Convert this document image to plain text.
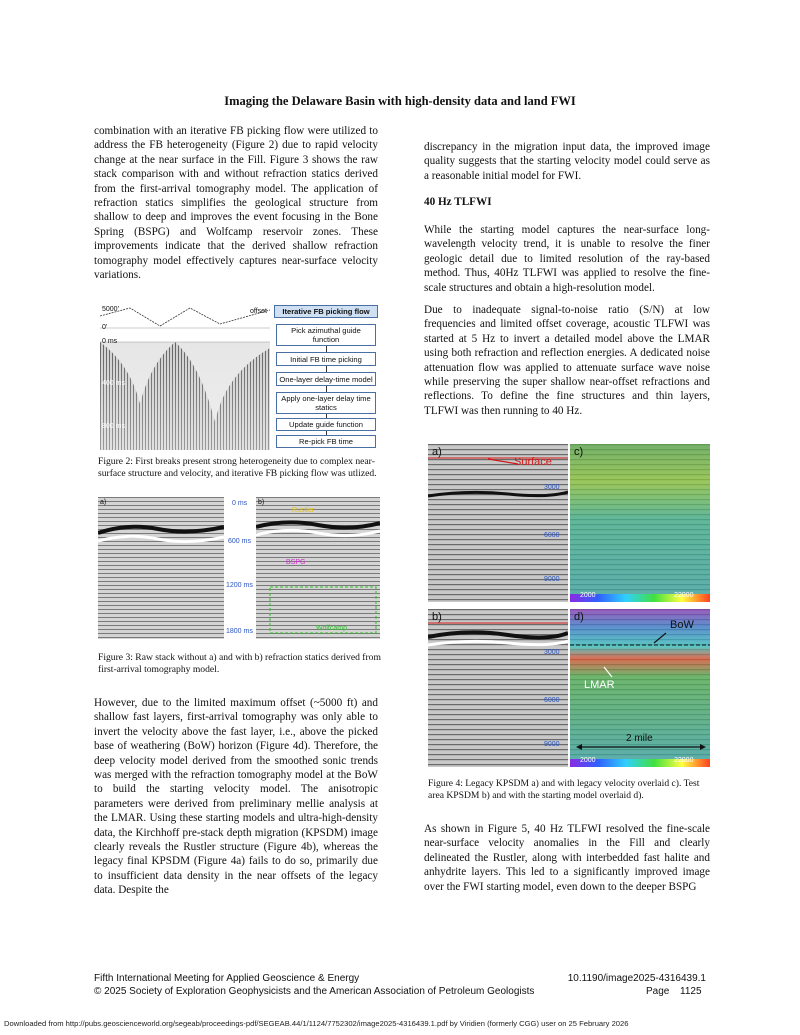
Imaging the Delaware Basin with high-density data and land FWI

combination with an iterative FB picking flow were utilized to address the FB heterogeneity (Figure 2) due to rapid velocity change at the near surface in the Fill. Figure 3 shows the raw stack comparison with and without refraction statics derived from the first-arrival tomography model. The application of refraction statics simplifies the geological structure from shallow to deep and improves the event focusing in the Bone Spring (BSPG) and Wolfcamp reservoir zones. These improvements indicate that the derived shallow refraction tomography model effectively captures near-surface velocity variations.

5000'
0'
offset
0 ms
400 ms
800 ms
Iterative FB picking flow
Pick azimuthal guide function
Initial FB time picking
One-layer delay-time model
Apply one-layer delay time statics
Update guide function
Re-pick FB time
Figure 2: First breaks present strong heterogeneity due to complex near-surface structure and velocity, and iterative FB picking flow was utlized.
a)	0 ms
600 ms
1200 ms
1800 ms
b)
Rustler
BSPG
Wolfcamp
Figure 3: Raw stack without a) and with b) refraction statics derived from first-arrival tomography model.

However, due to the limited maximum offset (~5000 ft) and shallow fast layers, first-arrival tomography was only able to invert the velocity above the fast layer, i.e., above the picked base of weathering (BoW) horizon (Figure 4d). Therefore, the deep velocity model derived from the smoothed sonic trends was merged with the refraction tomography model at the BoW to build the starting velocity model. The anisotropic parameters were derived from preliminary mellie analysis at the LMAR. Using these starting models and ultra-high-density data, the Kirchhoff pre-stack depth migration (KPSDM) image clearly reveals the Rustler structure (Figure 4b), whereas the legacy final KPSDM (Figure 4a) fails to do so, primarily due to insufficient data density in the near offsets of the legacy data. Despite the

discrepancy in the migration input data, the improved image quality suggests that the starting velocity model could serve as a reasonable initial model for FWI.

40 Hz TLFWI

While the starting model captures the near-surface long-wavelength velocity trend, it is unable to resolve the finer geologic detail due to limited resolution of the ray-based method. Thus, 40Hz TLFWI was applied to resolve the fine-scale structures and obtain a high-resolution model.

Due to inadequate signal-to-noise ratio (S/N) at low frequencies and limited offset coverage, acoustic TLFWI was started at 5 Hz to invert a detailed model above the LMAR using both refraction and reflection energies. A dedicated noise attenuation flow was applied to attenuate surface wave noise while preserving the super shallow near-offset refractions and reflections. To define the fine structures and thin layers, TLFWI was then running to 40 Hz.

a)
Surface
3000
6000
9000
c)
2000	22000
b)
3000
6000
9000
d)
BoW
LMAR
2 mile
2000	22000
Figure 4: Legacy KPSDM a) and with legacy velocity overlaid c). Test area KPSDM b) and with the starting model overlaid d).

As shown in Figure 5, 40 Hz TLFWI resolved the fine-scale near-surface velocity anomalies in the Fill and clearly delineated the Rustler, along with interbedded fast halite and anhydrite layers. This led to a significantly improved image over the FWI starting model, even down to the deeper BSPG

Fifth International Meeting for Applied Geoscience & Energy
© 2025 Society of Exploration Geophysicists and the American Association of Petroleum Geologists
10.1190/image2025-4316439.1
Page 1125
Downloaded from http://pubs.geoscienceworld.org/segeab/proceedings-pdf/SEGEAB.44/1/1124/7752302/image2025-4316439.1.pdf by Viridien (formerly CGG) user on 25 February 2026
